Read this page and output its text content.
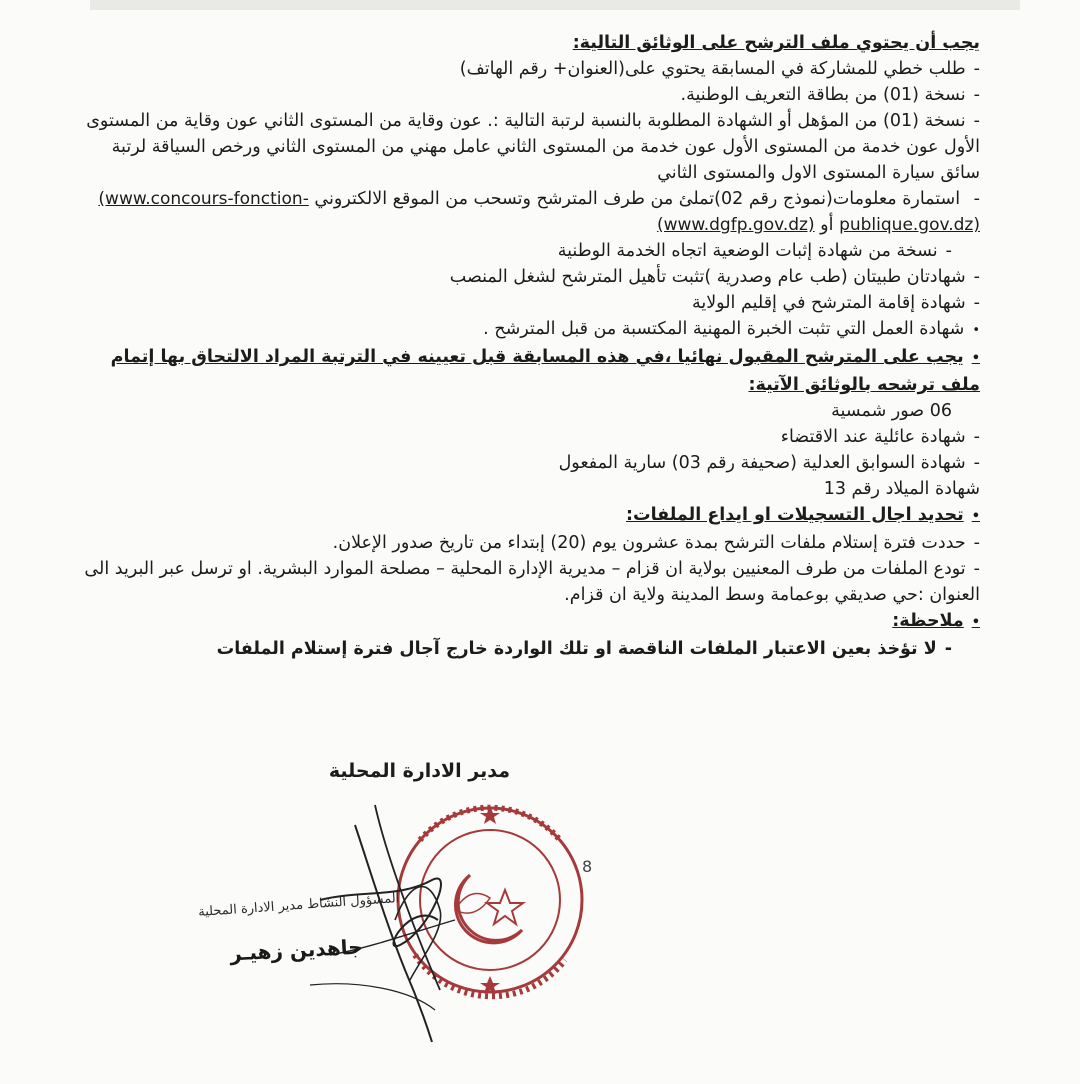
يجب أن يحتوي ملف الترشح على الوثائق التالية:
- طلب خطي للمشاركة في المسابقة يحتوي على(العنوان+ رقم الهاتف)
- نسخة (01) من بطاقة التعريف الوطنية.
- نسخة (01) من المؤهل أو الشهادة المطلوبة بالنسبة لرتبة التالية :. عون وقاية من المستوى الثاني عون وقاية من المستوى الأول عون خدمة من المستوى الأول عون خدمة من المستوى الثاني عامل مهني من المستوى الثاني ورخص السياقة لرتبة سائق سيارة المستوى الاول والمستوى الثاني
- استمارة معلومات(نموذج رقم 02)تملئ من طرف المترشح وتسحب من الموقع الالكتروني (www.concours-fonction-publique.gov.dz) أو (www.dgfp.gov.dz)
- نسخة من شهادة إثبات الوضعية اتجاه الخدمة الوطنية
- شهادتان طبيتان (طب عام وصدرية )تثبت تأهيل المترشح لشغل المنصب
- شهادة إقامة المترشح في إقليم الولاية
• شهادة العمل التي تثبت الخبرة المهنية المكتسبة من قبل المترشح .
• يجب على المترشح المقبول نهائيا ،في هذه المسابقة قبل تعيينه في الترتبة المراد الالتحاق بها إتمام ملف ترشحه بالوثائق الآتية:
06 صور شمسية
- شهادة عائلية عند الاقتضاء
- شهادة السوابق العدلية (صحيفة رقم 03) سارية المفعول
شهادة الميلاد رقم 13
• تحديد اجال التسجيلات او ايداع الملفات:
- حددت فترة إستلام ملفات الترشح بمدة عشرون يوم (20) إبتداء من تاريخ صدور الإعلان.
- تودع الملفات من طرف المعنيين بولاية ان قزام – مديرية الإدارة المحلية – مصلحة الموارد البشرية. او ترسل عبر البريد الى العنوان :حي صديقي بوعمامة وسط المدينة ولاية ان قزام.
• ملاحظة:
- لا تؤخذ بعين الاعتبار الملفات الناقصة او تلك الواردة خارج آجال فترة إستلام الملفات
مدير الادارة المحلية
8
المسؤول النشاط مدير الادارة المحلية
جاهدين زهيـر
